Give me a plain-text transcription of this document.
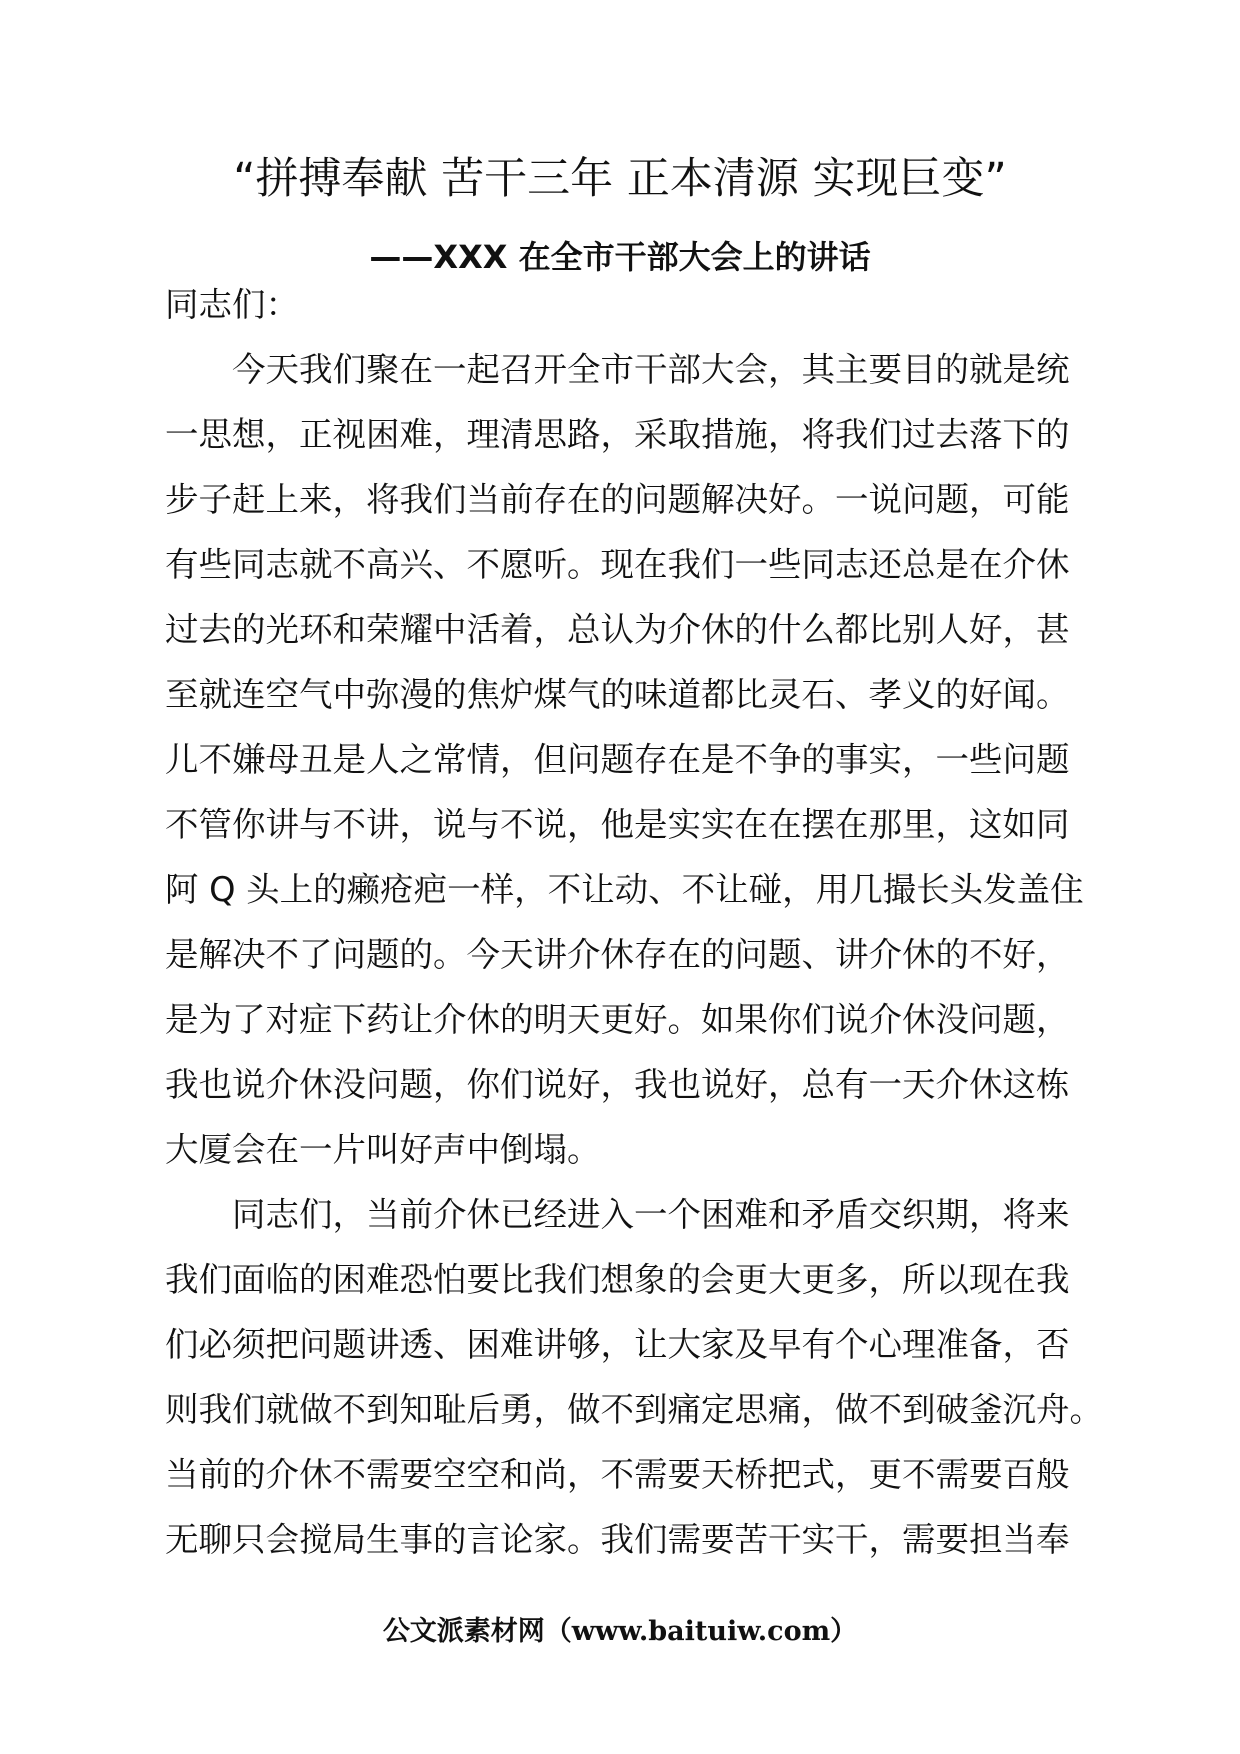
“拼搏奉献 苦干三年 正本清源 实现巨变”
——XXX 在全市干部大会上的讲话
同志们：
　　今天我们聚在一起召开全市干部大会，其主要目的就是统
一思想，正视困难，理清思路，采取措施，将我们过去落下的
步子赶上来，将我们当前存在的问题解决好。一说问题，可能
有些同志就不高兴、不愿听。现在我们一些同志还总是在介休
过去的光环和荣耀中活着，总认为介休的什么都比别人好，甚
至就连空气中弥漫的焦炉煤气的味道都比灵石、孝义的好闻。
儿不嫌母丑是人之常情，但问题存在是不争的事实，一些问题
不管你讲与不讲，说与不说，他是实实在在摆在那里，这如同
阿 Q 头上的癞疮疤一样，不让动、不让碰，用几撮长头发盖住
是解决不了问题的。今天讲介休存在的问题、讲介休的不好，
是为了对症下药让介休的明天更好。如果你们说介休没问题，
我也说介休没问题，你们说好，我也说好，总有一天介休这栋
大厦会在一片叫好声中倒塌。
　　同志们，当前介休已经进入一个困难和矛盾交织期，将来
我们面临的困难恐怕要比我们想象的会更大更多，所以现在我
们必须把问题讲透、困难讲够，让大家及早有个心理准备，否
则我们就做不到知耻后勇，做不到痛定思痛，做不到破釜沉舟。
当前的介休不需要空空和尚，不需要天桥把式，更不需要百般
无聊只会搅局生事的言论家。我们需要苦干实干，需要担当奉
公文派素材网（www.baituiw.com）
